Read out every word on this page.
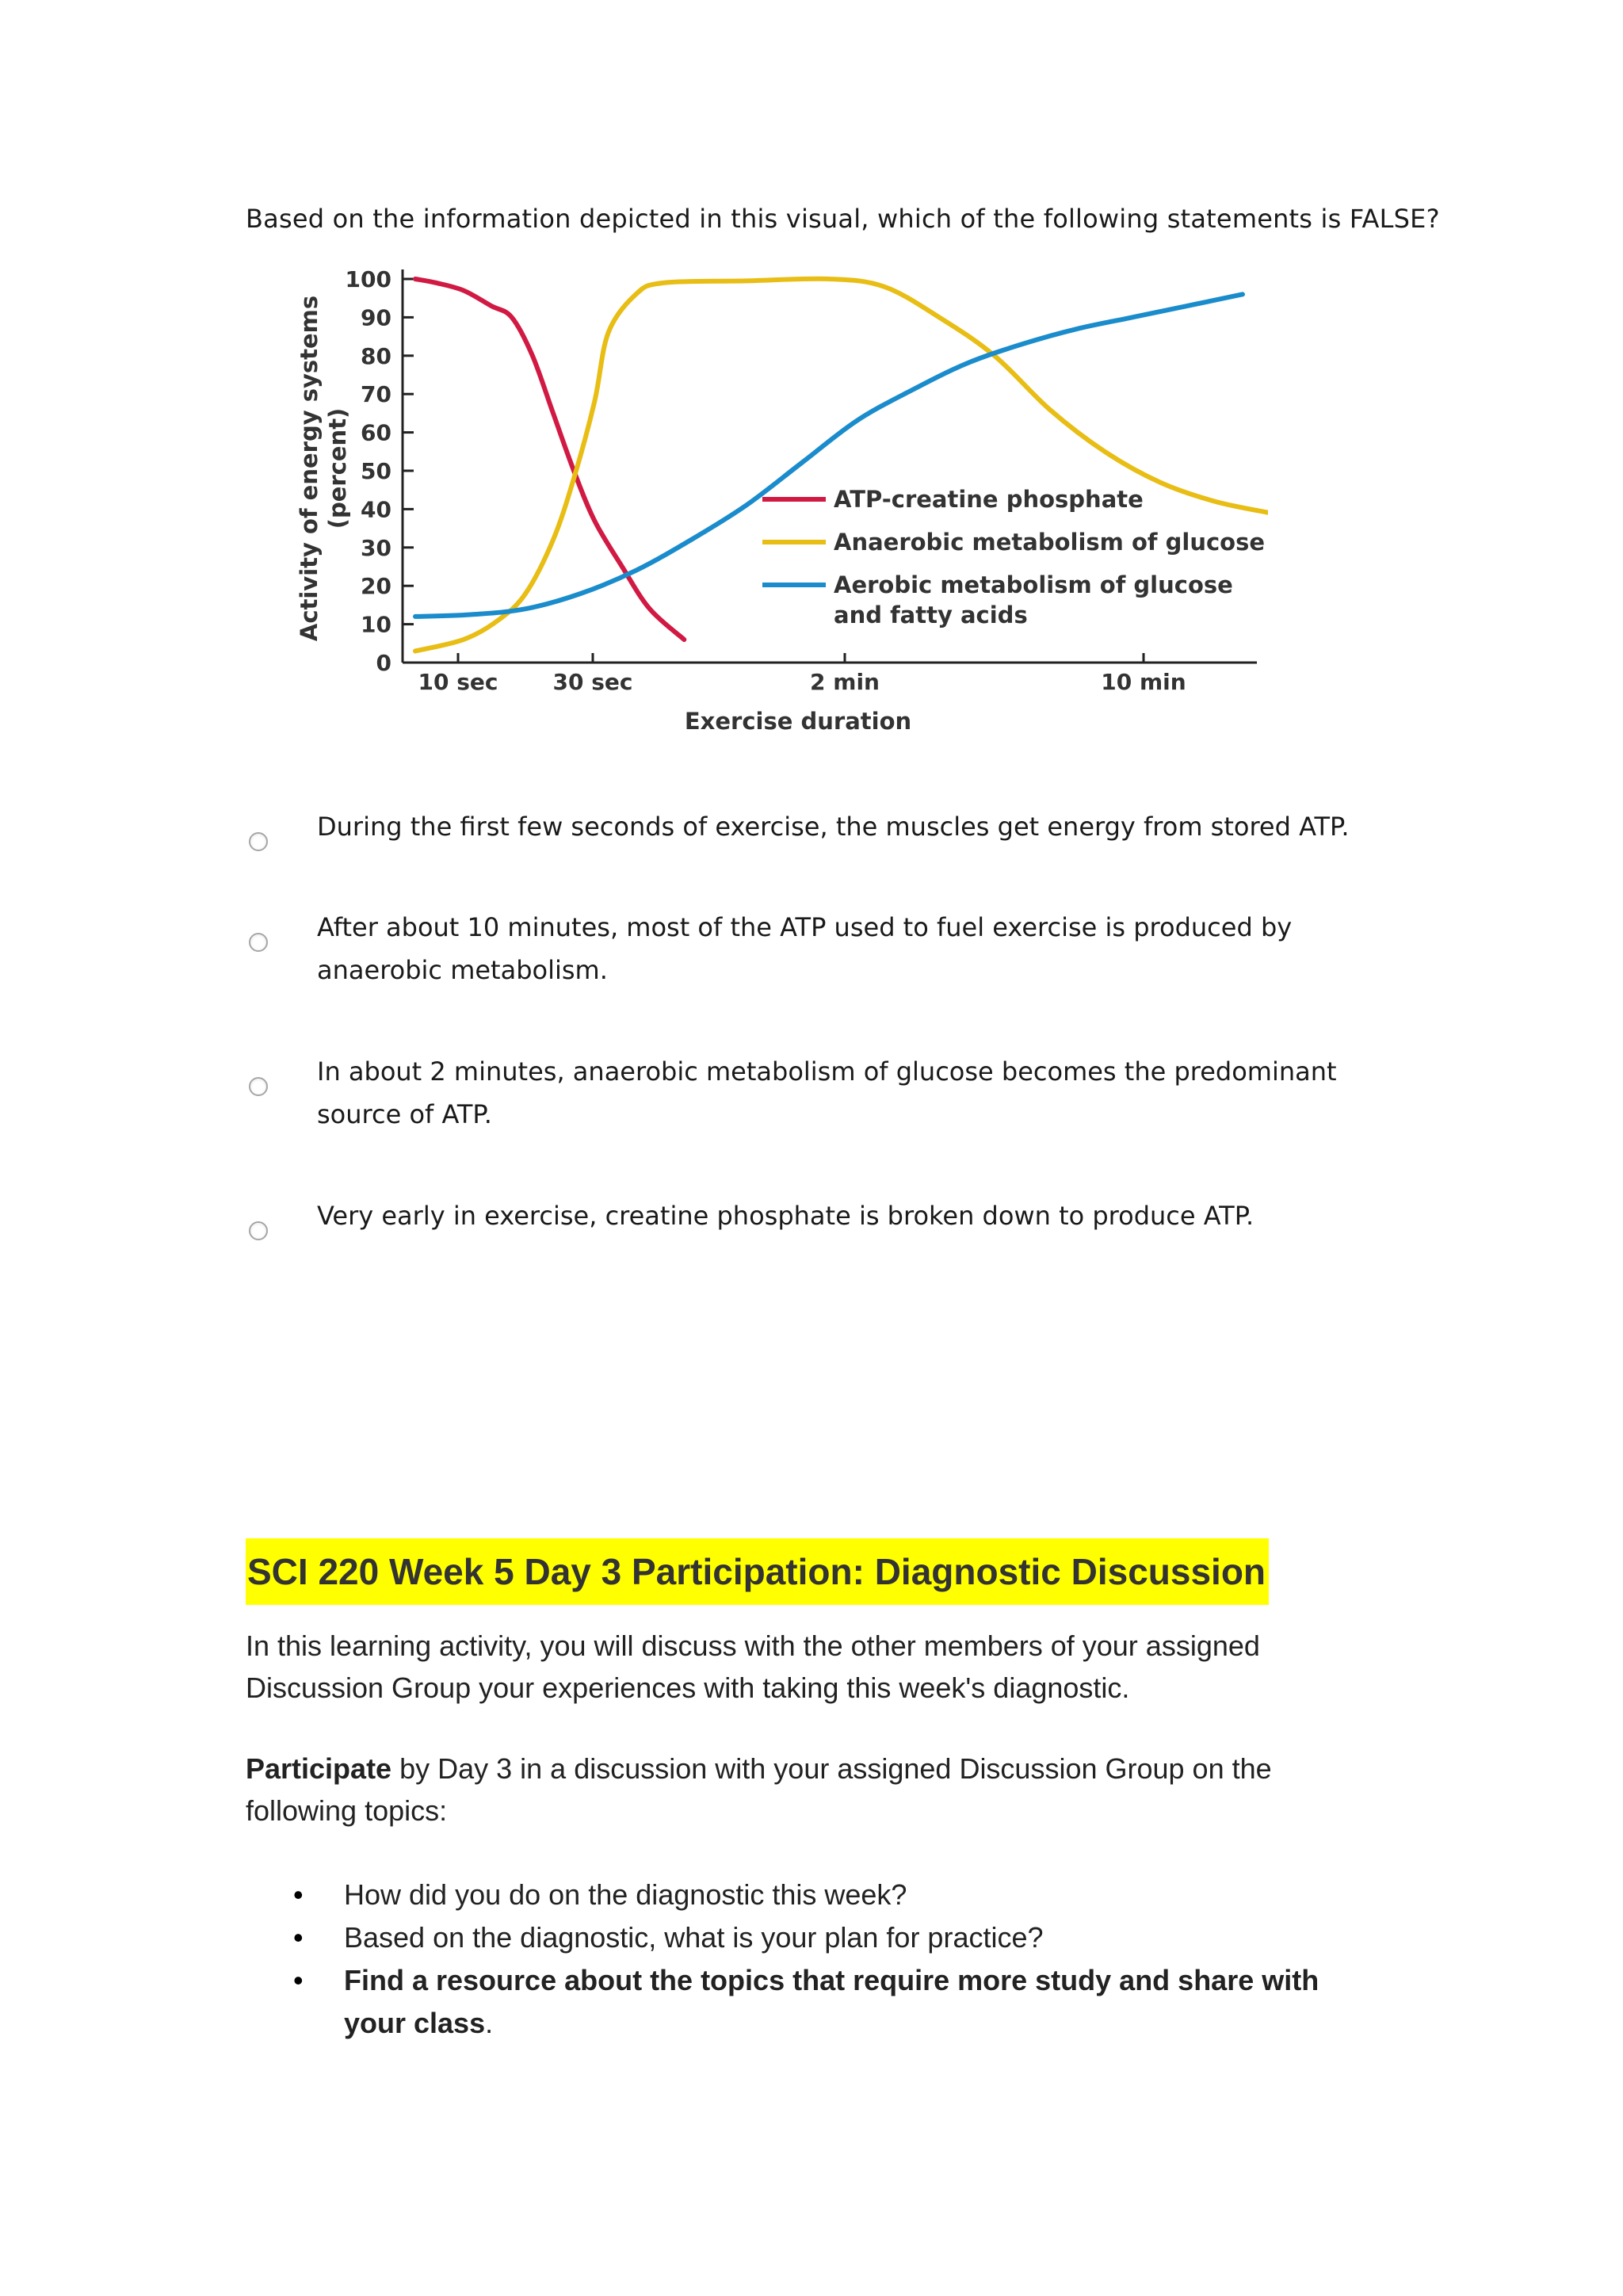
Based on the information depicted in this visual, which of the following statements is FALSE?
0
10
20
30
40
50
60
70
80
90
100
10 sec 30 sec	2 min	10 min
Exercise duration
Activity of energy systems (percent)	ATP-creatine phosphate
Anaerobic metabolism of glucose
Aerobic metabolism of glucose and fatty acids
During the first few seconds of exercise, the muscles get energy from stored ATP.
After about 10 minutes, most of the ATP used to fuel exercise is produced by anaerobic metabolism.
In about 2 minutes, anaerobic metabolism of glucose becomes the predominant source of ATP.
Very early in exercise, creatine phosphate is broken down to produce ATP.
SCI 220 Week 5 Day 3 Participation: Diagnostic Discussion

In this learning activity, you will discuss with the other members of your assigned Discussion Group your experiences with taking this week's diagnostic.

Participate by Day 3 in a discussion with your assigned Discussion Group on the following topics:

• How did you do on the diagnostic this week?
• Based on the diagnostic, what is your plan for practice?
• Find a resource about the topics that require more study and share with your class.
